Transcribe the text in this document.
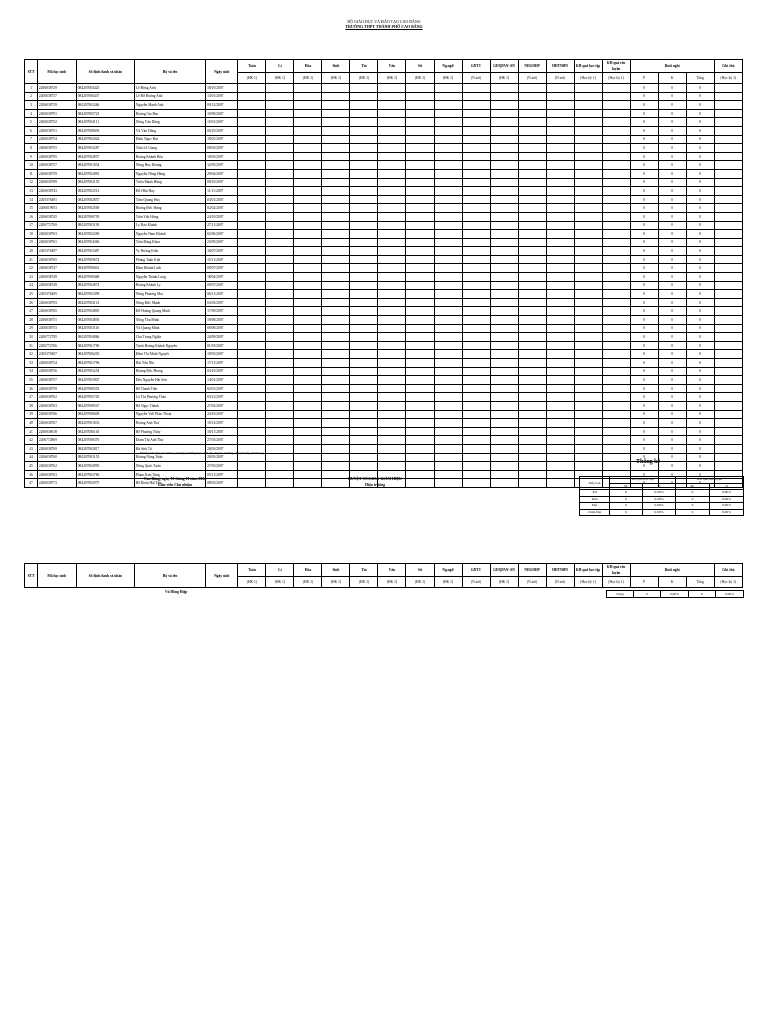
BỘ GIÁO DỤC VÀ ĐÀO TẠO CAO BẰNG
TRƯỜNG THPT THÀNH PHỐ CAO BẰNG
STT	Mã học sinh	Số định danh cá nhân	Họ và tên	Ngày sinh	Toán	Lí	Hóa	Sinh	Tin	Văn	Sử	Ng.ngữ	GDTC	GDQPAN-AN	NDGDĐP	HĐTNHN	KH quá học tập	KH quá rèn luyện	Buổi nghỉ			Ghi chú
					(HK 1)	(HK 1)	(HK 1)	(HK 1)	(HK 1)	(HK 1)	(HK 1)	(HK 1)	(N.xét)	(HK 1)	(N.xét)	(N.xét)	(Học kỳ 1)	(Học kỳ 1)	P	K	Tổng	(Học kỳ 1)
1	2206038729	084207004425	Lê Đồng Anh	18/10/2007															0	0	0	
2	2206038737	084207006437	Lê Đỗ Hoàng Anh	13/01/2007															0	0	0	
3	2206038739	084207002266	Nguyễn Mạnh Anh	09/12/2007															0	0	0	
4	2206038791	084207005723	Hoàng Gia Bảo	10/09/2007															0	0	0	
5	2206038752	084207004111	Nông Văn Dũng	15/01/2007															0	0	0	
6	2206038751	084207008693	Vũ Văn Dũng	06/10/2007															0	0	0	
7	2206038754	084207002042	Đinh Ngọc Đạt	19/01/2007															0	0	0	
8	2206038755	084207003287	Trần Lê Giang	09/03/2007															0	0	0	
9	2206038795	084207002857	Hoàng Khánh Hòa	10/03/2007															0	0	0	
10	2206038757	084207001834	Nông Huy Hoàng	12/05/2007															0	0	0	
11	2206038759	084207002881	Nguyễn Nông Hùng	29/04/2007															0	0	0	
12	2206038789	084207002155	Triệu Mạnh Hùng	08/10/2007															0	0	0	
13	2206038743	084207002512	Đỗ Hữu Huy	11/11/2007															0	0	0	
14	2205376491	084207002857	Trần Quang Huy	03/01/2007															0	0	0	
15	2206019953	084207002569	Hoàng Đức Hưng	02/02/2007															0	0	0	
16	2206038745	084207006795	Trần Việt Hưng	24/10/2007															0	0	0	
17	2206772769	084207003193	Lý Bảo Khánh	27/11/2007															0	0	0	
18	2206038763	084207002269	Nguyễn Nam Khánh	02/06/2007															0	0	0	
19	2206038761	084207004366	Trần Đăng Khoa	23/09/2007															0	0	0	
20	2205376497	084207003487	Vy Hoàng Kiên	16/07/2007															0	0	0	
21	2206038765	084207009674	Phùng Tuấn Kiệt	15/11/2007															0	0	0	
22	2206038747	084307006841	Đàm Khánh Linh	09/07/2007															0	0	0	
23	2206038749	084207008468	Nguyễn Thành Long	18/04/2007															0	0	0	
24	2206038749	084207004874	Hoàng Khánh Ly	09/07/2007															0	0	0	
25	2205376495	084207002399	Nông Phương Mai	06/11/2007															0	0	0	
26	2206038793	084207004112	Nông Đức Mạnh	03/03/2007															0	0	0	
27	2206038765	084207004805	Đỗ Hoàng Quang Minh	17/09/2007															0	0	0	
28	2206038751	084207004893	Nông Thu Minh	19/08/2007															0	0	0	
29	2206038753	084207003116	Vũ Quang Minh	09/08/2007															0	0	0	
30	2206772795	084207004866	Chu Trung Nghĩa	24/09/2007															0	0	0	
31	2206772766	084207001790	Trịnh Hoàng Khánh Nguyên	01/03/2007															0	0	0	
32	2205376307	084207006203	Đàm Thị Minh Nguyệt	19/03/2007															0	0	0	
33	2206038734	084207001796	Bùi Yến Nhi	17/11/2007															0	0	0	
34	2206038756	084207003254	Hoàng Đức Phong	04/10/2007															0	0	0	
35	2206038757	084207003907	Đào Nguyễn Hải Sơn	14/01/2007															0	0	0	
36	2206038759	084207008353	Bế Thanh Tiến	02/01/2007															0	0	0	
37	2206038762	084207005745	Lò Thị Phương Thảo	03/12/2007															0	0	0	
38	2206038763	084207008547	Hà Ngọc Thành	27/02/2007															0	0	0	
39	2206038766	084207008609	Nguyễn Viết Phúc Thoại	24/10/2007															0	0	0	
40	2206038767	084207001833	Hoàng Anh Thư	19/12/2007															0	0	0	
41	2206038618	084207006163	Bế Phương Thúy	18/11/2007															0	0	0	
42	2206772869	084207008376	Đoàn Thị Anh Thư	27/03/2007															0	0	0	
43	2206038769	084207002817	Hà Anh Tú	20/03/2007															0	0	0	
44	2206038760	084207003153	Hoàng Nông Tuấn	20/03/2007															0	0	0	
45	2206038762	084207004995	Nông Quốc Tuấn	27/03/2007															0	0	0	
46	2206038763	084207003766	Phạm Kim Tùng	05/11/2007															0	0	0	
47	2206038773	084207002975	Bế Đoàn Hải Yến	08/03/2007															0	0	0	
Danh sách này có: 47 học sinh (kể những học sinh đã chuyển trường, chuyển lớp, thôi học)
Thống kê
Xếp loại	KH quả học tập		KH quả rèn luyện	
	SL	%	SL	%
Tốt	0	0.00%	0	0.00%
Khá	0	0.00%	0	0.00%
Đạt	0	0.00%	0	0.00%
Chưa Đạt	0	0.00%	0	0.00%
Cao Bằng, ngày 01 tháng 10 năm 2024
Giáo viên Chủ nhiệm
DUYỆT CỦA BAN GIÁM HIỆU
Hiệu trưởng
STT	Mã học sinh	Số định danh cá nhân	Họ và tên	Ngày sinh	Toán	Lí	Hóa	Sinh	Tin	Văn	Sử	Ng.ngữ	GDTC	GDQPAN-AN	NDGDĐP	HĐTNHN	KH quá học tập	KH quá rèn luyện	Buổi nghỉ			Ghi chú
					(HK 1)	(HK 1)	(HK 1)	(HK 1)	(HK 1)	(HK 1)	(HK 1)	(HK 1)	(N.xét)	(HK 1)	(N.xét)	(N.xét)	(Học kỳ 1)	(Học kỳ 1)	P	K	Tổng	(Học kỳ 1)
Vũ Hồng Hiệp	Cộng	0	0.00%	0	0.00%
